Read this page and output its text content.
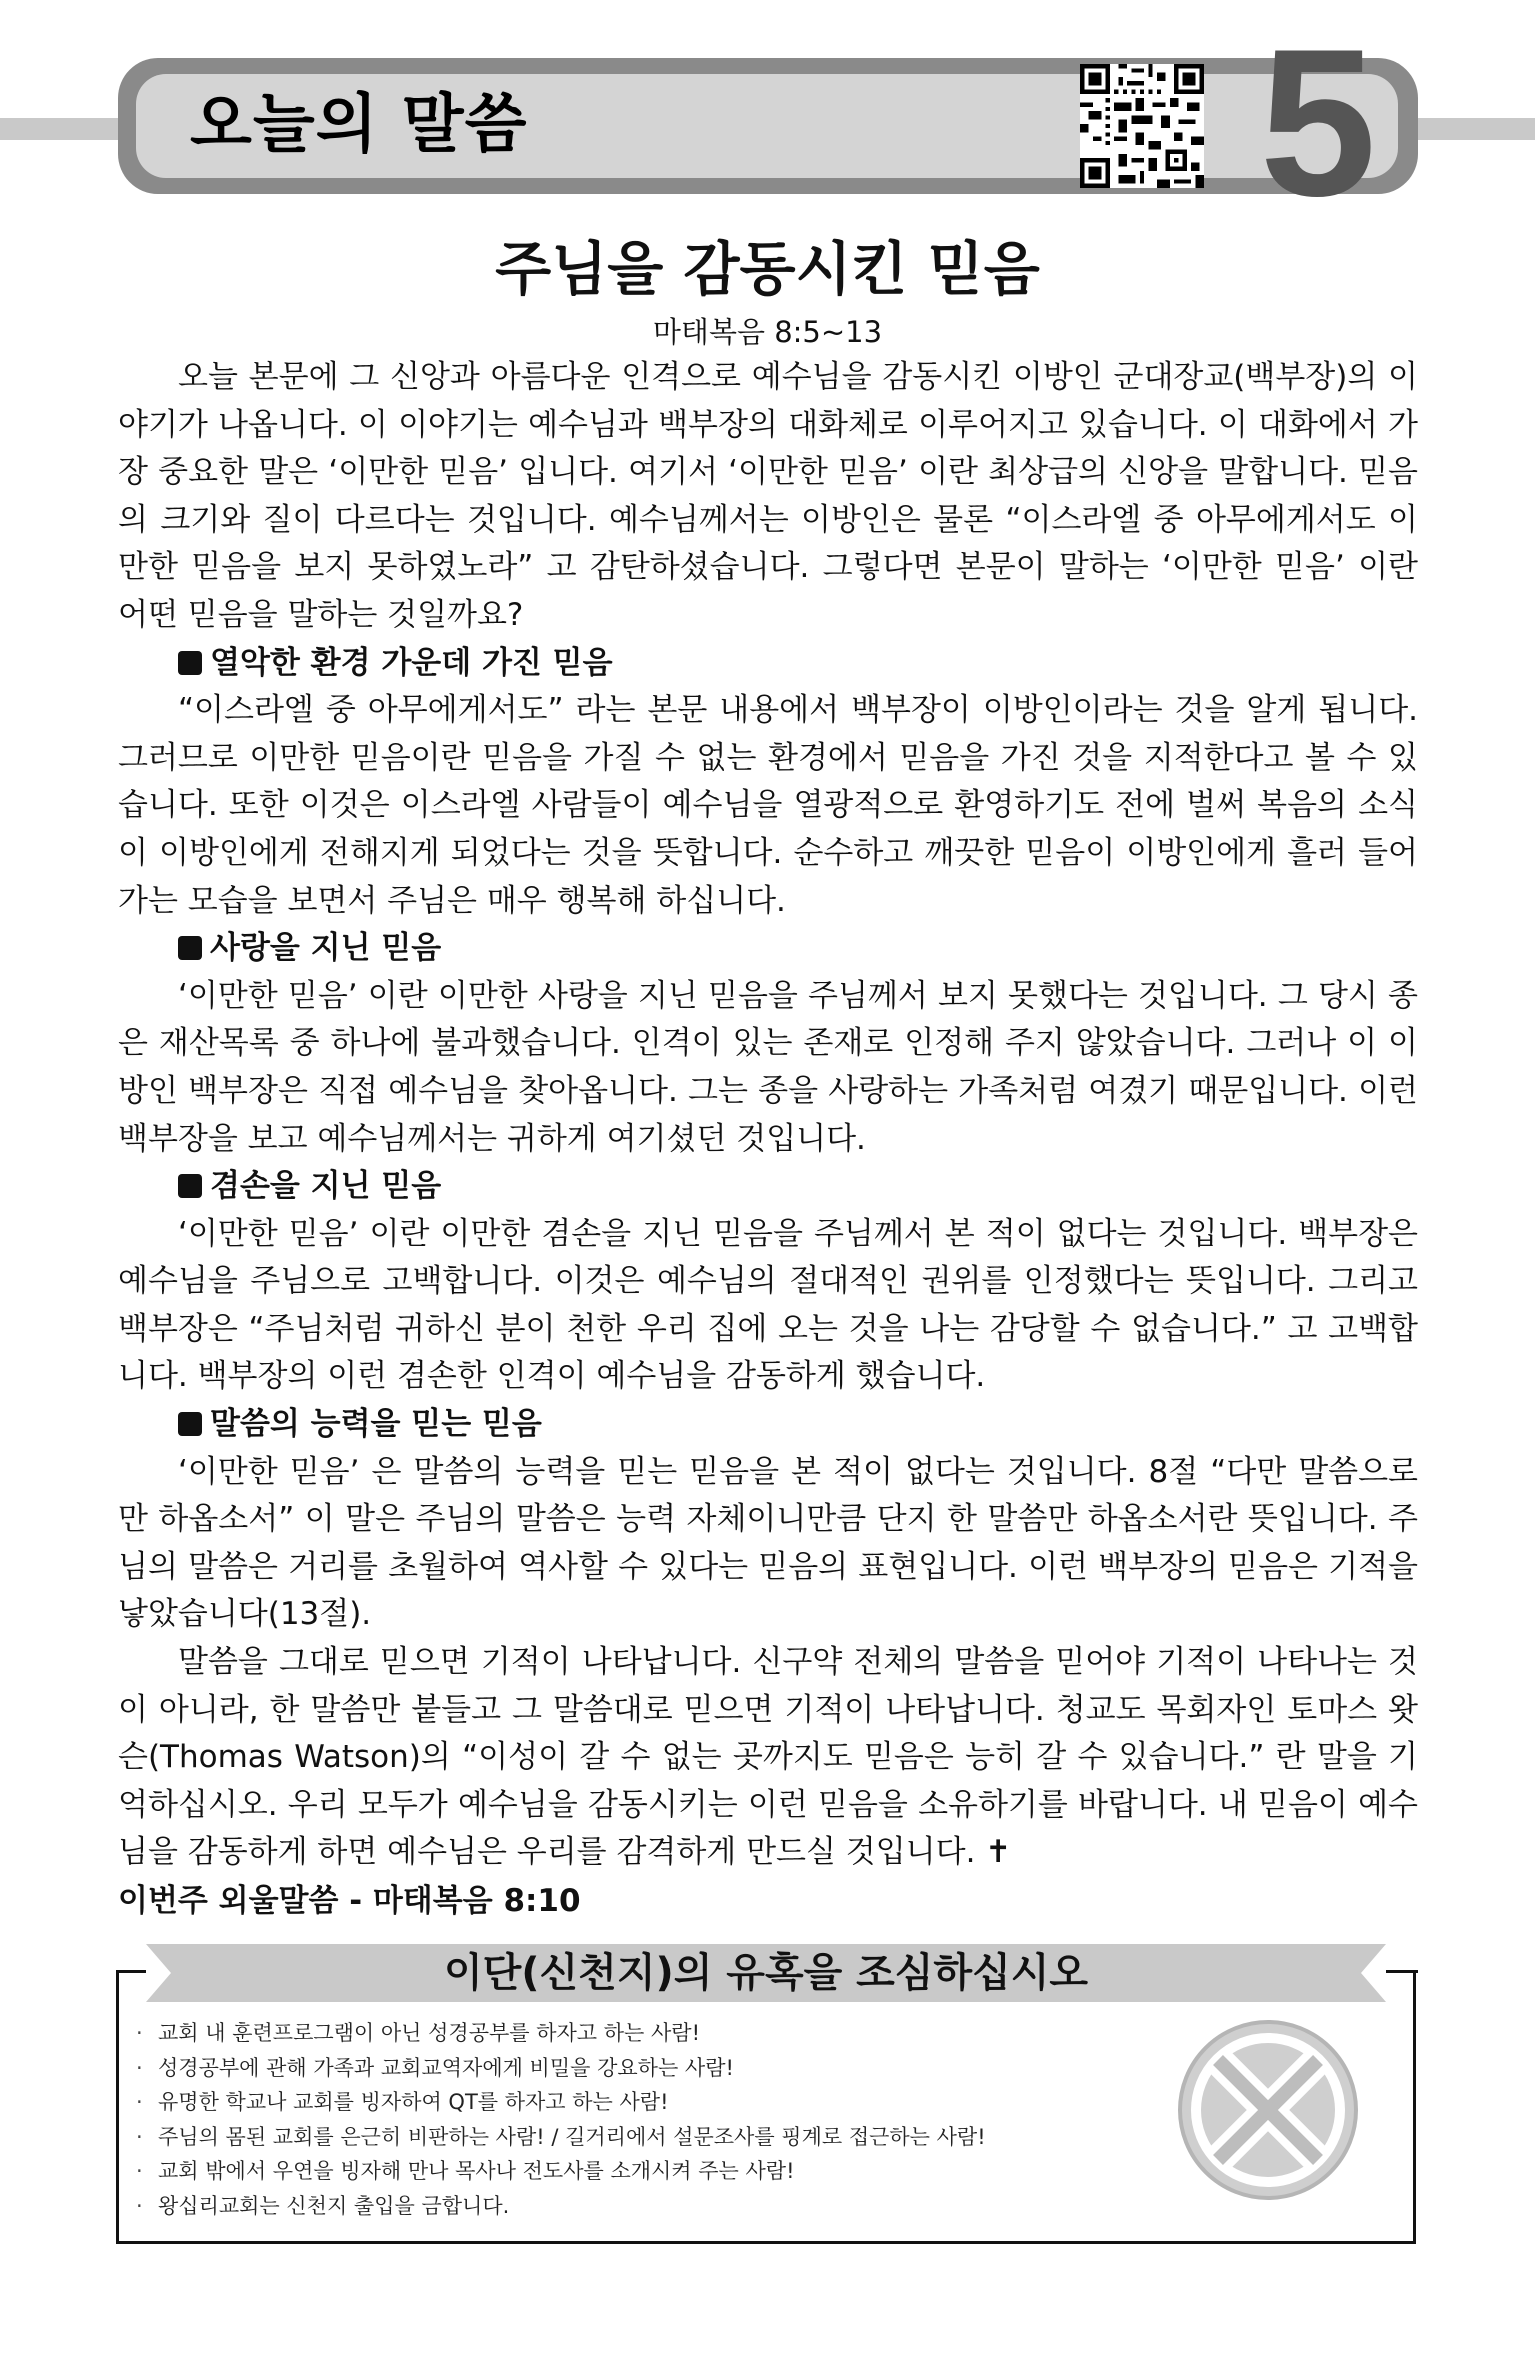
오늘의 말씀	5
주님을 감동시킨 믿음
마태복음 8:5~13

오늘 본문에 그 신앙과 아름다운 인격으로 예수님을 감동시킨 이방인 군대장교(백부장)의 이야기가 나옵니다. 이 이야기는 예수님과 백부장의 대화체로 이루어지고 있습니다. 이 대화에서 가장 중요한 말은 ‘이만한 믿음’ 입니다. 여기서 ‘이만한 믿음’ 이란 최상급의 신앙을 말합니다. 믿음의 크기와 질이 다르다는 것입니다. 예수님께서는 이방인은 물론 “이스라엘 중 아무에게서도 이만한 믿음을 보지 못하였노라” 고 감탄하셨습니다. 그렇다면 본문이 말하는 ‘이만한 믿음’ 이란 어떤 믿음을 말하는 것일까요?

열악한 환경 가운데 가진 믿음

“이스라엘 중 아무에게서도” 라는 본문 내용에서 백부장이 이방인이라는 것을 알게 됩니다. 그러므로 이만한 믿음이란 믿음을 가질 수 없는 환경에서 믿음을 가진 것을 지적한다고 볼 수 있습니다. 또한 이것은 이스라엘 사람들이 예수님을 열광적으로 환영하기도 전에 벌써 복음의 소식이 이방인에게 전해지게 되었다는 것을 뜻합니다. 순수하고 깨끗한 믿음이 이방인에게 흘러 들어가는 모습을 보면서 주님은 매우 행복해 하십니다.

사랑을 지닌 믿음

‘이만한 믿음’ 이란 이만한 사랑을 지닌 믿음을 주님께서 보지 못했다는 것입니다. 그 당시 종은 재산목록 중 하나에 불과했습니다. 인격이 있는 존재로 인정해 주지 않았습니다. 그러나 이 이방인 백부장은 직접 예수님을 찾아옵니다. 그는 종을 사랑하는 가족처럼 여겼기 때문입니다. 이런 백부장을 보고 예수님께서는 귀하게 여기셨던 것입니다.

겸손을 지닌 믿음

‘이만한 믿음’ 이란 이만한 겸손을 지닌 믿음을 주님께서 본 적이 없다는 것입니다. 백부장은 예수님을 주님으로 고백합니다. 이것은 예수님의 절대적인 권위를 인정했다는 뜻입니다. 그리고 백부장은 “주님처럼 귀하신 분이 천한 우리 집에 오는 것을 나는 감당할 수 없습니다.” 고 고백합니다. 백부장의 이런 겸손한 인격이 예수님을 감동하게 했습니다.

말씀의 능력을 믿는 믿음

‘이만한 믿음’ 은 말씀의 능력을 믿는 믿음을 본 적이 없다는 것입니다. 8절 “다만 말씀으로만 하옵소서” 이 말은 주님의 말씀은 능력 자체이니만큼 단지 한 말씀만 하옵소서란 뜻입니다. 주님의 말씀은 거리를 초월하여 역사할 수 있다는 믿음의 표현입니다. 이런 백부장의 믿음은 기적을 낳았습니다(13절).

말씀을 그대로 믿으면 기적이 나타납니다. 신구약 전체의 말씀을 믿어야 기적이 나타나는 것이 아니라, 한 말씀만 붙들고 그 말씀대로 믿으면 기적이 나타납니다. 청교도 목회자인 토마스 왓슨(Thomas Watson)의 “이성이 갈 수 없는 곳까지도 믿음은 능히 갈 수 있습니다.” 란 말을 기억하십시오. 우리 모두가 예수님을 감동시키는 이런 믿음을 소유하기를 바랍니다. 내 믿음이 예수님을 감동하게 하면 예수님은 우리를 감격하게 만드실 것입니다. ✝

이번주 외울말씀 - 마태복음 8:10
이단(신천지)의 유혹을 조심하십시오
· 교회 내 훈련프로그램이 아닌 성경공부를 하자고 하는 사람!
· 성경공부에 관해 가족과 교회교역자에게 비밀을 강요하는 사람!
· 유명한 학교나 교회를 빙자하여 QT를 하자고 하는 사람!
· 주님의 몸된 교회를 은근히 비판하는 사람! / 길거리에서 설문조사를 핑계로 접근하는 사람!
· 교회 밖에서 우연을 빙자해 만나 목사나 전도사를 소개시켜 주는 사람!
· 왕십리교회는 신천지 출입을 금합니다.
